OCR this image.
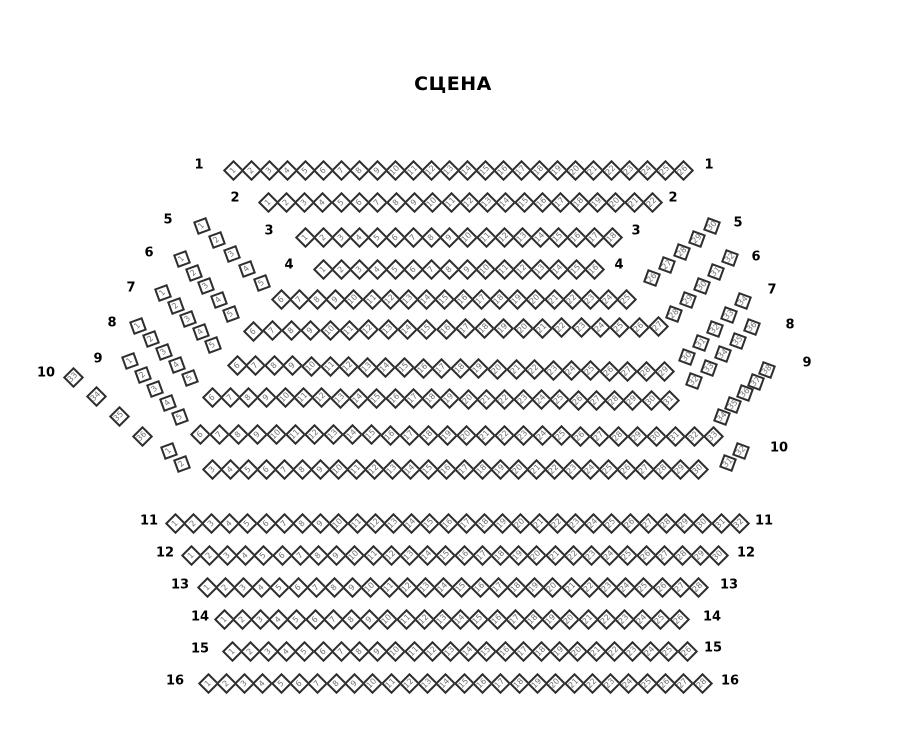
СЦЕНА
1	1
1 2 3 4 5 6 7 8 9 10 11 12 13 14 15 16 17 18 19 20 21 22 23 24 25 26
2	2
1 2 3 4 5 6 7 8 9 10 11 12 13 14 15 16 17 18 19 20 21 22
3	3
1 2 3 4 5 6 7 8 9 10 11 12 13 14 15 16 17 18
4	4
1 2 3 4 5 6 7 8 9 10 11 12 13 14 15 16
5	5
1
2
3
4
5
6 7 8 9 10 11 12 13 14 15 16 17 18 19 20 21 22 23 24 25
26
27
28
29
30
6	6
1
2
3
4
5
6 7 8 9 10 11 12 13 14 15 16 17 18 19 20 21 22 23 24 25 26 27
28
29
30
31
32
7	7
1
2
3
4
5
6 7 8 9 10 11 12 13 14 15 16 17 18 19 20 21 22 23 24 25 26 27 28 29
30
31
32
33
34
8	8
1
2
3
4
5
6 7 8 9 10 11 12 13 14 15 16 17 18 19 20 21 22 23 24 25 26 27 28 29 30 31
32
33
34
35
36
9	9
1
2
3
4
5
6 7 8 9 10 11 12 13 14 15 16 17 18 19 20 21 22 23 24 25 26 27 28 29 30 31 32 33
34
35
36
37
38
10
10
33
34
35
36
1
2
3 4 5 6 7 8 9 10 11 12 13 14 15 16 17 18 19 20 21 22 23 24 25 26 27 28 29 30 31
32
11	11
1 2 3 4 5 6 7 8 9 10 11 12 13 14 15 16 17 18 19 20 21 22 23 24 25 26 27 28 29 30 31 32
12	12
1 2 3 4 5 6 7 8 9 10 11 12 13 14 15 16 17 18 19 20 21 22 23 24 25 26 27 28 29 30
13	13
1 2 3 4 5 6 7 8 9 10 11 12 13 14 15 16 17 18 19 20 21 22 23 24 25 26 27 28
14	14
1 2 3 4 5 6 7 8 9 10 11 12 13 14 15 16 17 18 19 20 21 22 23 24 25 26
15	15
1 2 3 4 5 6 7 8 9 10 11 12 13 14 15 16 17 18 19 20 21 22 23 24 25 26
16	16
1 2 3 4 5 6 7 8 9 10 11 12 13 14 15 16 17 18 19 20 21 22 23 24 25 26 27 28
